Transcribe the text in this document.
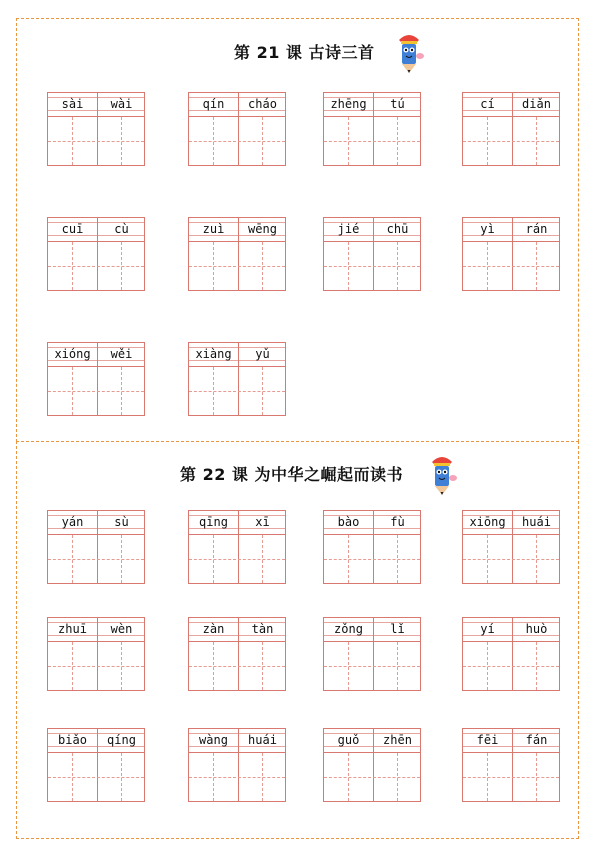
第 21 课 古诗三首
第 22 课 为中华之崛起而读书
sài	wài	qín	cháo	zhēng	tú	cí	diǎn
cuī	cù	zuì	wēng	jié	chū	yì	rán
xióng	wěi	xiàng	yǔ
yán	sù	qīng	xī	bào	fù	xiōng	huái
zhuī	wèn	zàn	tàn	zǒng	lǐ	yí	huò
biǎo	qíng	wàng	huái	guǒ	zhēn	fēi	fán
